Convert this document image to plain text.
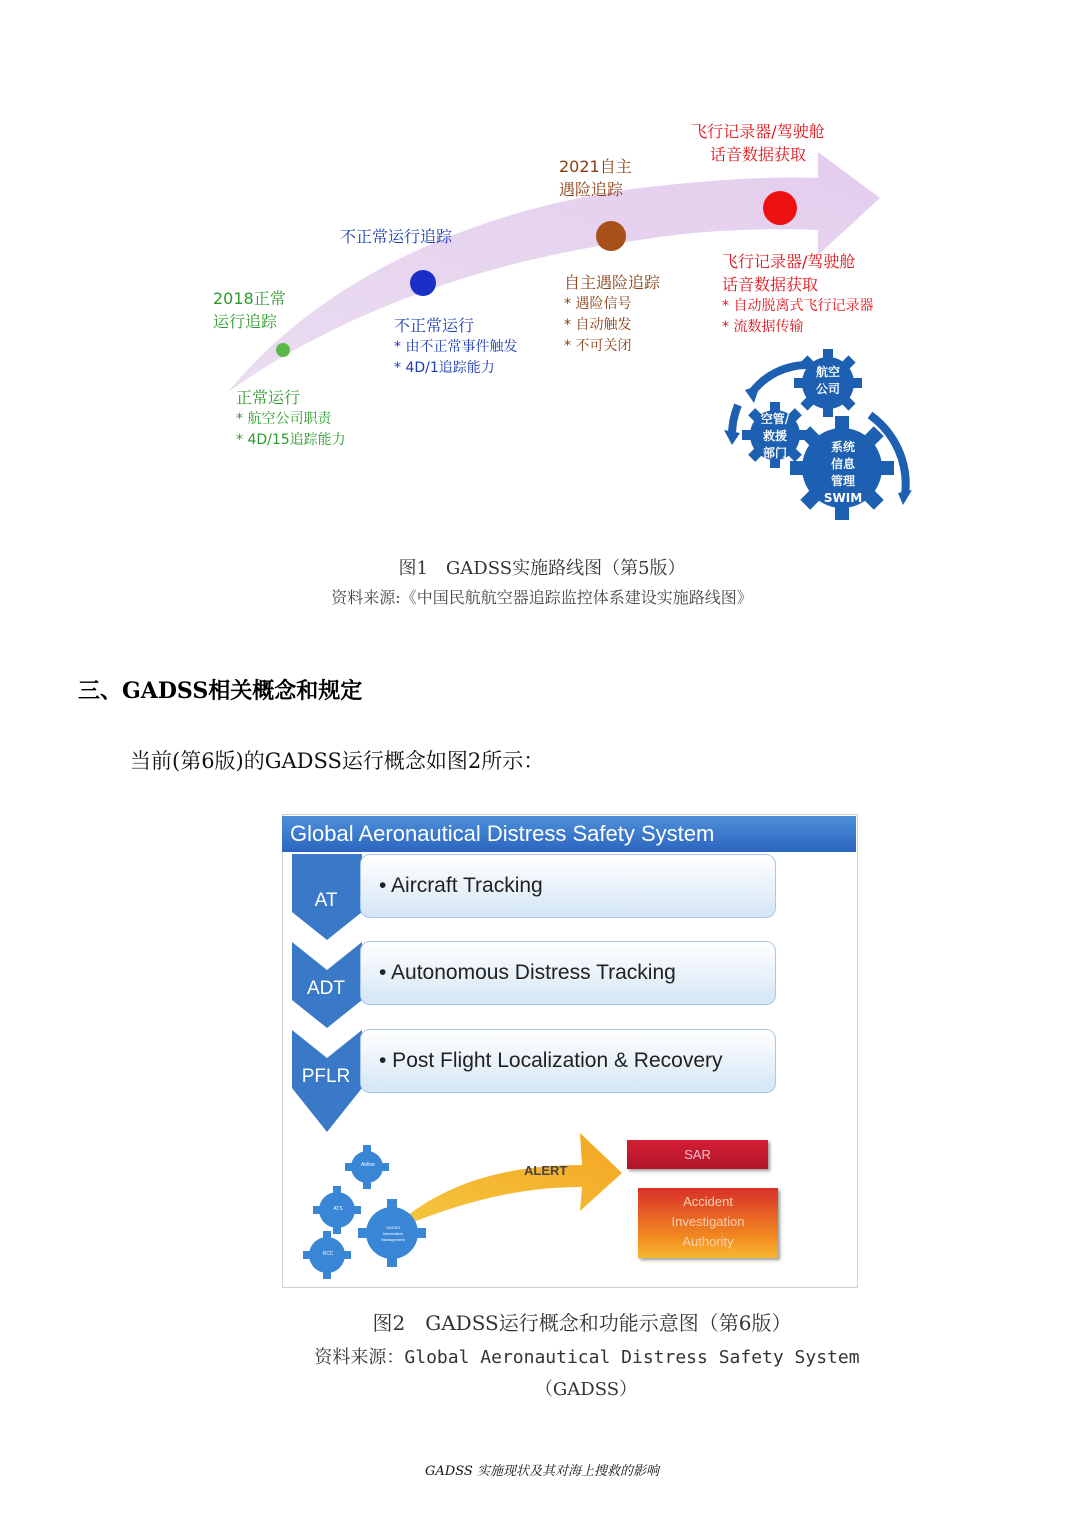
2018正常
运行追踪
不正常运行追踪
2021自主
遇险追踪
飞行记录器/驾驶舱
话音数据获取
正常运行
* 航空公司职责
* 4D/15追踪能力
不正常运行
* 由不正常事件触发
* 4D/1追踪能力
自主遇险追踪
* 遇险信号
* 自动触发
* 不可关闭
飞行记录器/驾驶舱
话音数据获取
* 自动脱离式飞行记录器
* 流数据传输
航空
公司
空管/
救援
部门	系统
信息
管理
SWIM
图1　GADSS实施路线图（第5版）
资料来源:《中国民航航空器追踪监控体系建设实施路线图》
三、GADSS相关概念和规定
当前(第6版)的GADSS运行概念如图2所示：
Global Aeronautical Distress Safety System
AT
ADT
PFLR
• Aircraft Tracking
• Autonomous Distress Tracking
• Post Flight Localization & Recovery
ALERT
Airline
ATS
GADSS Information Management
RCC
SAR
Accident
Investigation
Authority
图2　GADSS运行概念和功能示意图（第6版）
资料来源：Global Aeronautical Distress Safety System
（GADSS）
GADSS 实施现状及其对海上搜救的影响
